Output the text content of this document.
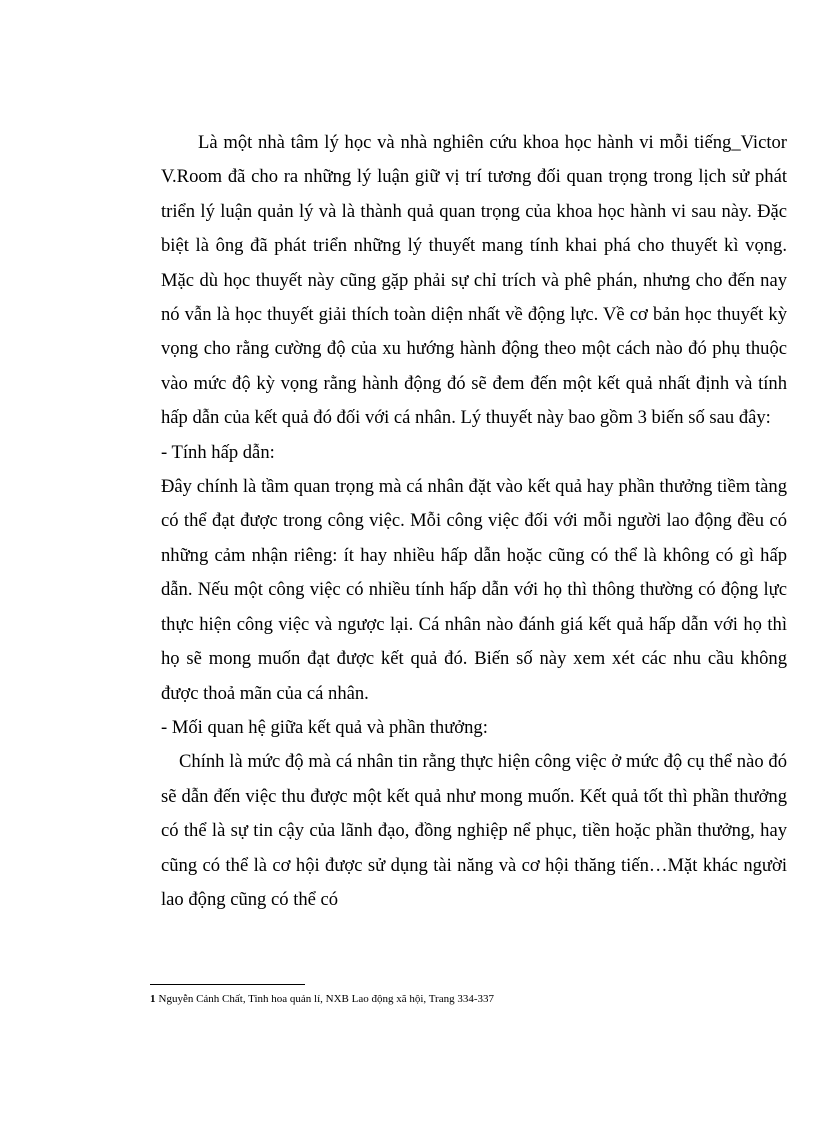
Là một nhà tâm lý học và nhà nghiên cứu khoa học hành vi mỗi tiếng_Victor V.Room đã cho ra những lý luận giữ vị trí tương đối quan trọng trong lịch sử phát triển lý luận quản lý và là thành quả quan trọng của khoa học hành vi sau này. Đặc biệt là ông đã phát triển những lý thuyết mang tính khai phá cho thuyết kì vọng. Mặc dù học thuyết này cũng gặp phải sự chỉ trích và phê phán, nhưng cho đến nay nó vẫn là học thuyết giải thích toàn diện nhất về động lực. Về cơ bản học thuyết kỳ vọng cho rằng cường độ của xu hướng hành động theo một cách nào đó phụ thuộc vào mức độ kỳ vọng rằng hành động đó sẽ đem đến một kết quả nhất định và tính hấp dẫn của kết quả đó đối với cá nhân. Lý thuyết này bao gồm 3 biến số sau đây:

- Tính hấp dẫn:

Đây chính là tầm quan trọng mà cá nhân đặt vào kết quả hay phần thưởng tiềm tàng có thể đạt được trong công việc. Mỗi công việc đối với mỗi người lao động đều có những cảm nhận riêng: ít hay nhiều hấp dẫn hoặc cũng có thể là không có gì hấp dẫn. Nếu một công việc có nhiều tính hấp dẫn với họ thì thông thường có động lực thực hiện công việc và ngược lại. Cá nhân nào đánh giá kết quả hấp dẫn với họ thì họ sẽ mong muốn đạt được kết quả đó. Biến số này xem xét các nhu cầu không được thoả mãn của cá nhân.

- Mối quan hệ giữa kết quả và phần thưởng:

Chính là mức độ mà cá nhân tin rằng thực hiện công việc ở mức độ cụ thể nào đó sẽ dẫn đến việc thu được một kết quả như mong muốn. Kết quả tốt thì phần thưởng có thể là sự tin cậy của lãnh đạo, đồng nghiệp nể phục, tiền hoặc phần thưởng, hay cũng có thể là cơ hội được sử dụng tài năng và cơ hội thăng tiến…Mặt khác người lao động cũng có thể có

1 Nguyễn Cảnh Chất, Tinh hoa quản lí, NXB Lao động xã hội, Trang 334-337
